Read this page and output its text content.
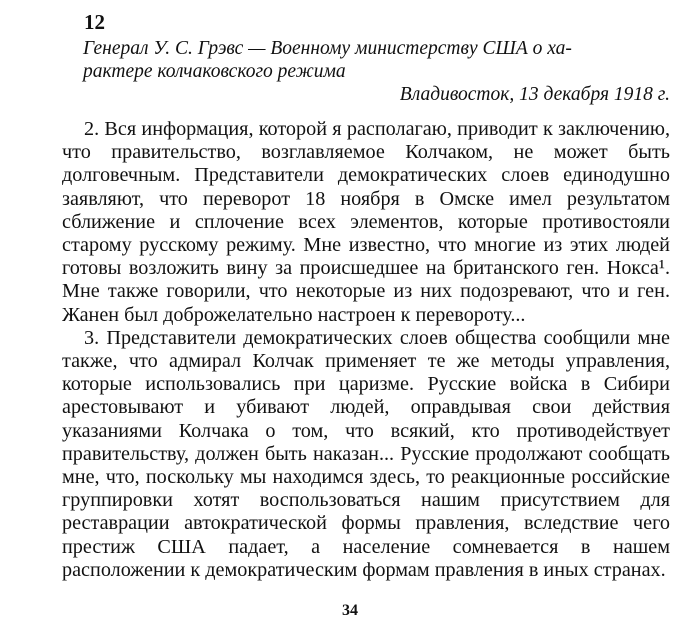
12
Генерал У. С. Грэвс — Военному министерству США о ха-
рактере колчаковского режима
Владивосток, 13 декабря 1918 г.

2. Вся информация, которой я располагаю, приводит к заключению, что правительство, возглавляемое Колчаком, не может быть долговечным. Представители демократических слоев единодушно заявляют, что переворот 18 ноября в Омске имел результатом сближение и сплочение всех элементов, которые противостояли старому русскому режиму. Мне известно, что многие из этих людей готовы возложить вину за происшедшее на британского ген. Нокса¹. Мне также говорили, что некоторые из них подозревают, что и ген. Жанен был доброжелательно настроен к перевороту...

3. Представители демократических слоев общества сообщили мне также, что адмирал Колчак применяет те же методы управления, которые использовались при царизме. Русские войска в Сибири арестовывают и убивают людей, оправдывая свои действия указаниями Колчака о том, что всякий, кто противодействует правительству, должен быть наказан... Русские продолжают сообщать мне, что, поскольку мы находимся здесь, то реакционные российские группировки хотят воспользоваться нашим присутствием для реставрации автократической формы правления, вследствие чего престиж США падает, а население сомневается в нашем расположении к демократическим формам правления в иных странах.

34
